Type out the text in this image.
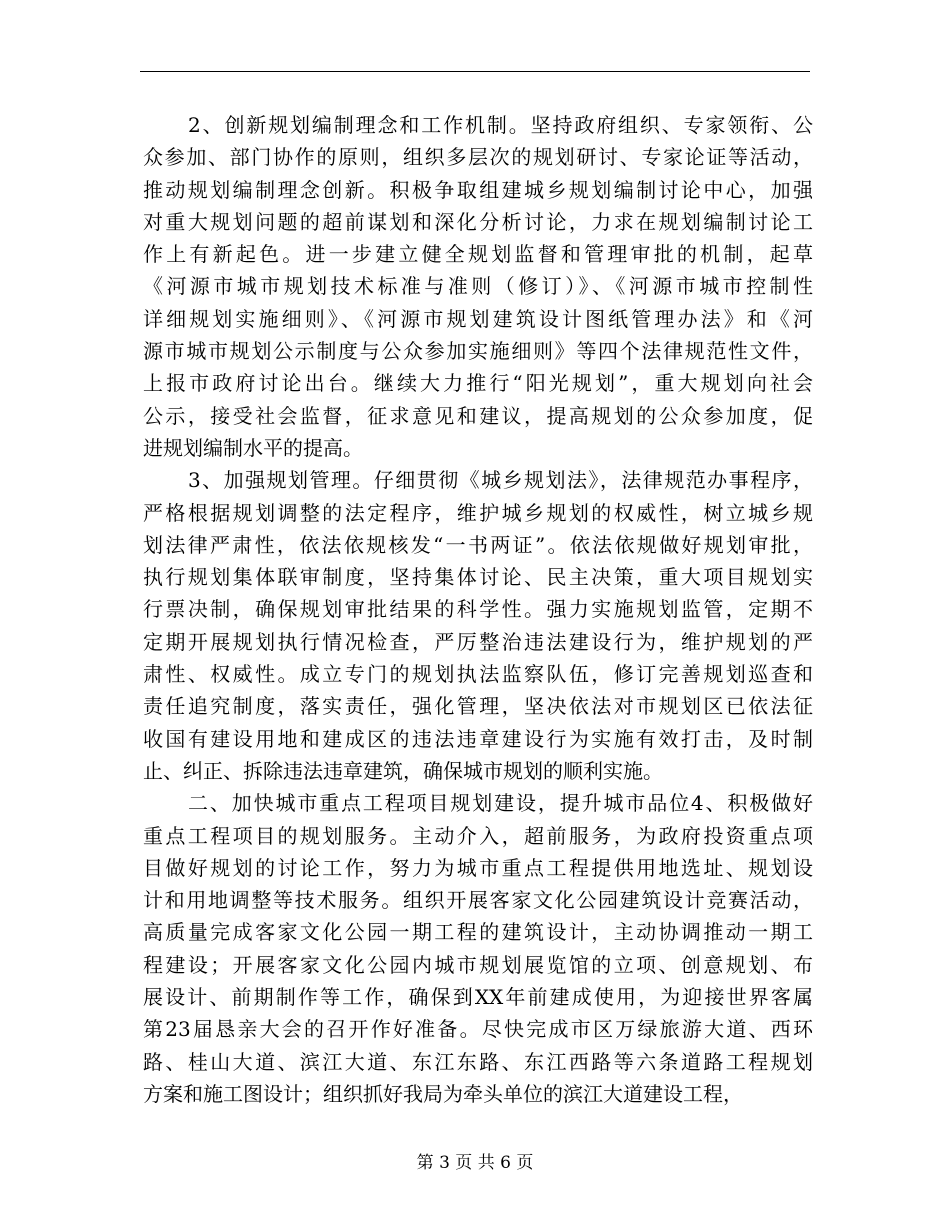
2、创新规划编制理念和工作机制。坚持政府组织、专家领衔、公
众参加、部门协作的原则，组织多层次的规划研讨、专家论证等活动，
推动规划编制理念创新。积极争取组建城乡规划编制讨论中心，加强
对重大规划问题的超前谋划和深化分析讨论，力求在规划编制讨论工
作上有新起色。进一步建立健全规划监督和管理审批的机制，起草
《河源市城市规划技术标准与准则（修订）》、《河源市城市控制性
详细规划实施细则》、《河源市规划建筑设计图纸管理办法》和《河
源市城市规划公示制度与公众参加实施细则》等四个法律规范性文件，
上报市政府讨论出台。继续大力推行“阳光规划”，重大规划向社会
公示，接受社会监督，征求意见和建议，提高规划的公众参加度，促
进规划编制水平的提高。
3、加强规划管理。仔细贯彻《城乡规划法》，法律规范办事程序，
严格根据规划调整的法定程序，维护城乡规划的权威性，树立城乡规
划法律严肃性，依法依规核发“一书两证”。依法依规做好规划审批，
执行规划集体联审制度，坚持集体讨论、民主决策，重大项目规划实
行票决制，确保规划审批结果的科学性。强力实施规划监管，定期不
定期开展规划执行情况检查，严厉整治违法建设行为，维护规划的严
肃性、权威性。成立专门的规划执法监察队伍，修订完善规划巡查和
责任追究制度，落实责任，强化管理，坚决依法对市规划区已依法征
收国有建设用地和建成区的违法违章建设行为实施有效打击，及时制
止、纠正、拆除违法违章建筑，确保城市规划的顺利实施。
二、加快城市重点工程项目规划建设，提升城市品位4、积极做好
重点工程项目的规划服务。主动介入，超前服务，为政府投资重点项
目做好规划的讨论工作，努力为城市重点工程提供用地选址、规划设
计和用地调整等技术服务。组织开展客家文化公园建筑设计竞赛活动，
高质量完成客家文化公园一期工程的建筑设计，主动协调推动一期工
程建设；开展客家文化公园内城市规划展览馆的立项、创意规划、布
展设计、前期制作等工作，确保到XX年前建成使用，为迎接世界客属
第23届恳亲大会的召开作好准备。尽快完成市区万绿旅游大道、西环
路、桂山大道、滨江大道、东江东路、东江西路等六条道路工程规划
方案和施工图设计；组织抓好我局为牵头单位的滨江大道建设工程，
第 3 页 共 6 页
